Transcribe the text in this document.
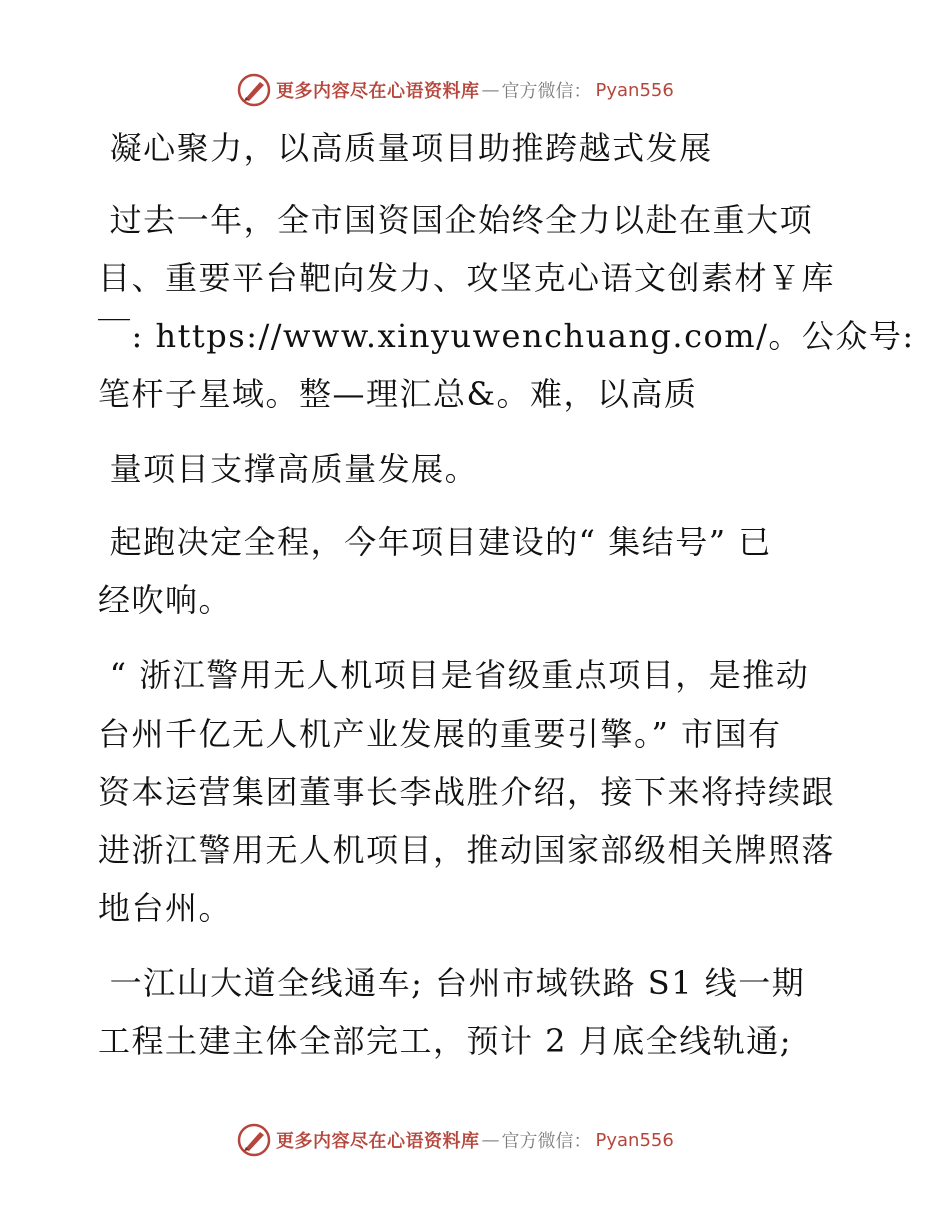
更多内容尽在心语资料库 — 官方微信： Pyan556
凝心聚力，以高质量项目助推跨越式发展
过去一年，全市国资国企始终全力以赴在重大项
目、重要平台靶向发力、攻坚克心语文创素材￥库
￣: https://www.xinyuwenchuang.com/。公众号:
笔杆子星域。整—理汇总&。难，以高质
量项目支撑高质量发展。
起跑决定全程，今年项目建设的“ 集结号” 已
经吹响。
“ 浙江警用无人机项目是省级重点项目，是推动
台州千亿无人机产业发展的重要引擎。” 市国有
资本运营集团董事长李战胜介绍，接下来将持续跟
进浙江警用无人机项目，推动国家部级相关牌照落
地台州。
一江山大道全线通车; 台州市域铁路 S1 线一期
工程土建主体全部完工，预计 2 月底全线轨通;
更多内容尽在心语资料库 — 官方微信： Pyan556
